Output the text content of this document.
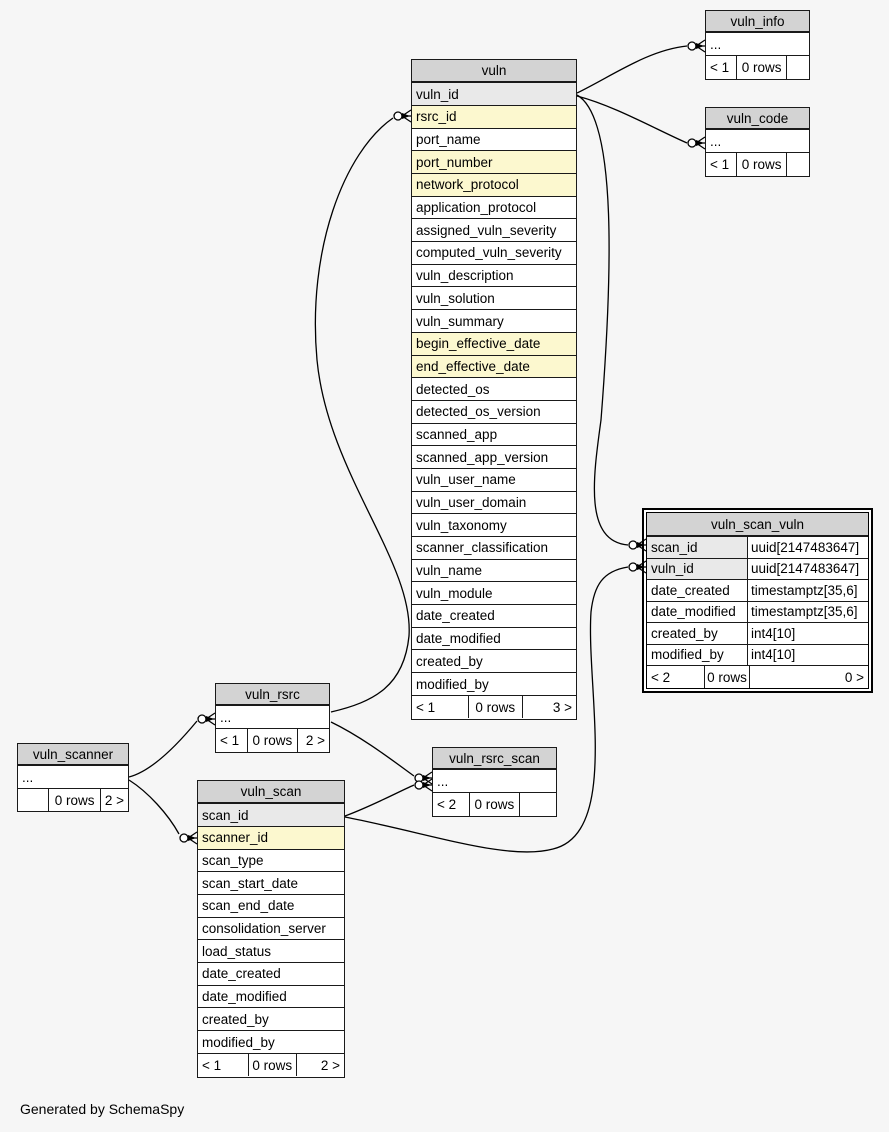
vuln_rsrc_scan
...
< 2	0 rows
vuln_scan
scan_id
scanner_id
scan_type
scan_start_date
scan_end_date
consolidation_server
load_status
date_created
date_modified
created_by
modified_by
< 1	0 rows	2 >
vuln_scanner
...
0 rows 2 >
vuln_rsrc
...
< 1 0 rows	2 >
vuln_scan_vuln
scan_id	uuid[2147483647]
vuln_id	uuid[2147483647]
date_created	timestamptz[35,6]
date_modified	timestamptz[35,6]
created_by	int4[10]
modified_by	int4[10]
< 2	0 rows	0 >
vuln_code
...
< 1 0 rows
vuln_info
...
< 1 0 rows
vuln
vuln_id
rsrc_id
port_name
port_number
network_protocol
application_protocol
assigned_vuln_severity
computed_vuln_severity
vuln_description
vuln_solution
vuln_summary
begin_effective_date
end_effective_date
detected_os
detected_os_version
scanned_app
scanned_app_version
vuln_user_name
vuln_user_domain
vuln_taxonomy
scanner_classification
vuln_name
vuln_module
date_created
date_modified
created_by
modified_by
< 1	0 rows	3 >
Generated by SchemaSpy
